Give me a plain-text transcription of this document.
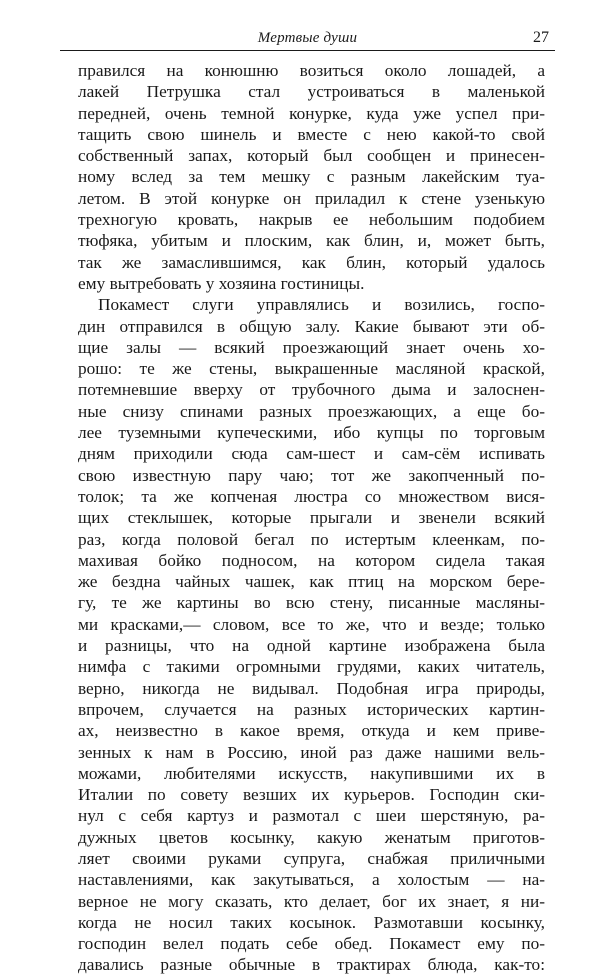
Мертвые души	27
правился на конюшню возиться около лошадей, а
лакей Петрушка стал устроиваться в маленькой
передней, очень темной конурке, куда уже успел при-
тащить свою шинель и вместе с нею какой-то свой
собственный запах, который был сообщен и принесен-
ному вслед за тем мешку с разным лакейским туа-
летом. В этой конурке он приладил к стене узенькую
трехногую кровать, накрыв ее небольшим подобием
тюфяка, убитым и плоским, как блин, и, может быть,
так же замаслившимся, как блин, который удалось
ему вытребовать у хозяина гостиницы.
Покамест слуги управлялись и возились, госпо-
дин отправился в общую залу. Какие бывают эти об-
щие залы — всякий проезжающий знает очень хо-
рошо: те же стены, выкрашенные масляной краской,
потемневшие вверху от трубочного дыма и залоснен-
ные снизу спинами разных проезжающих, а еще бо-
лее туземными купеческими, ибо купцы по торговым
дням приходили сюда сам-шест и сам-сём испивать
свою известную пару чаю; тот же закопченный по-
толок; та же копченая люстра со множеством вися-
щих стеклышек, которые прыгали и звенели всякий
раз, когда половой бегал по истертым клеенкам, по-
махивая бойко подносом, на котором сидела такая
же бездна чайных чашек, как птиц на морском бере-
гу, те же картины во всю стену, писанные масляны-
ми красками,— словом, все то же, что и везде; только
и разницы, что на одной картине изображена была
нимфа с такими огромными грудями, каких читатель,
верно, никогда не видывал. Подобная игра природы,
впрочем, случается на разных исторических картин-
ах, неизвестно в какое время, откуда и кем приве-
зенных к нам в Россию, иной раз даже нашими вель-
можами, любителями искусств, накупившими их в
Италии по совету везших их курьеров. Господин ски-
нул с себя картуз и размотал с шеи шерстяную, ра-
дужных цветов косынку, какую женатым приготов-
ляет своими руками супруга, снабжая приличными
наставлениями, как закутываться, а холостым — на-
верное не могу сказать, кто делает, бог их знает, я ни-
когда не носил таких косынок. Размотавши косынку,
господин велел подать себе обед. Покамест ему по-
давались разные обычные в трактирах блюда, как-то:
